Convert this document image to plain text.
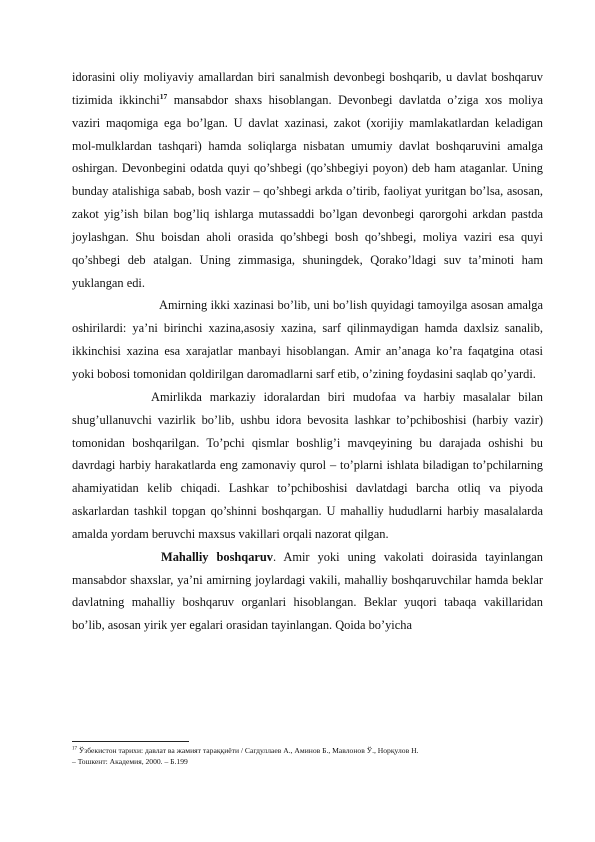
idorasini oliy moliyaviy amallardan biri sanalmish devonbegi boshqarib, u davlat boshqaruv tizimida ikkinchi$^{17}$ mansabdor shaxs hisoblangan. Devonbegi davlatda o’ziga xos moliya vaziri maqomiga ega bo’lgan. U davlat xazinasi, zakot (xorijiy mamlakatlardan keladigan mol-mulklardan tashqari) hamda soliqlarga nisbatan umumiy davlat boshqaruvini amalga oshirgan. Devonbegini odatda quyi qo’shbegi (qo’shbegiyi poyon) deb ham ataganlar. Uning bunday atalishiga sabab, bosh vazir – qo’shbegi arkda o’tirib, faoliyat yuritgan bo’lsa, asosan, zakot yig’ish bilan bog’liq ishlarga mutassaddi bo’lgan devonbegi qarorgohi arkdan pastda joylashgan. Shu boisdan aholi orasida qo’shbegi bosh qo’shbegi, moliya vaziri esa quyi qo’shbegi deb atalgan. Uning zimmasiga, shuningdek, Qorako’ldagi suv ta’minoti ham yuklangan edi.

Amirning ikki xazinasi bo’lib, uni bo’lish quyidagi tamoyilga asosan amalga oshirilardi: ya’ni birinchi xazina,asosiy xazina, sarf qilinmaydigan hamda daxlsiz sanalib, ikkinchisi xazina esa xarajatlar manbayi hisoblangan. Amir an’anaga ko’ra faqatgina otasi yoki bobosi tomonidan qoldirilgan daromadlarni sarf etib, o’zining foydasini saqlab qo’yardi.

Amirlikda markaziy idoralardan biri mudofaa va harbiy masalalar bilan shug’ullanuvchi vazirlik bo’lib, ushbu idora bevosita lashkar to’pchiboshisi (harbiy vazir) tomonidan boshqarilgan. To’pchi qismlar boshlig’i mavqeyining bu darajada oshishi bu davrdagi harbiy harakatlarda eng zamonaviy qurol – to’plarni ishlata biladigan to’pchilarning ahamiyatidan kelib chiqadi. Lashkar to’pchiboshisi davlatdagi barcha otliq va piyoda askarlardan tashkil topgan qo’shinni boshqargan. U mahalliy hududlarni harbiy masalalarda amalda yordam beruvchi maxsus vakillari orqali nazorat qilgan.

Mahalliy boshqaruv. Amir yoki uning vakolati doirasida tayinlangan mansabdor shaxslar, ya’ni amirning joylardagi vakili, mahalliy boshqaruvchilar hamda beklar davlatning mahalliy boshqaruv organlari hisoblangan. Beklar yuqori tabaqa vakillaridan bo’lib, asosan yirik yer egalari orasidan tayinlangan. Qoida bo’yicha

$^{17}$ Ўзбекистон тарихи: давлат ва жамият тараққиёти / Сагдуллаев А., Аминов Б., Мавлонов Ў., Норқулов Н.

– Тошкент: Академия, 2000. – Б.199
